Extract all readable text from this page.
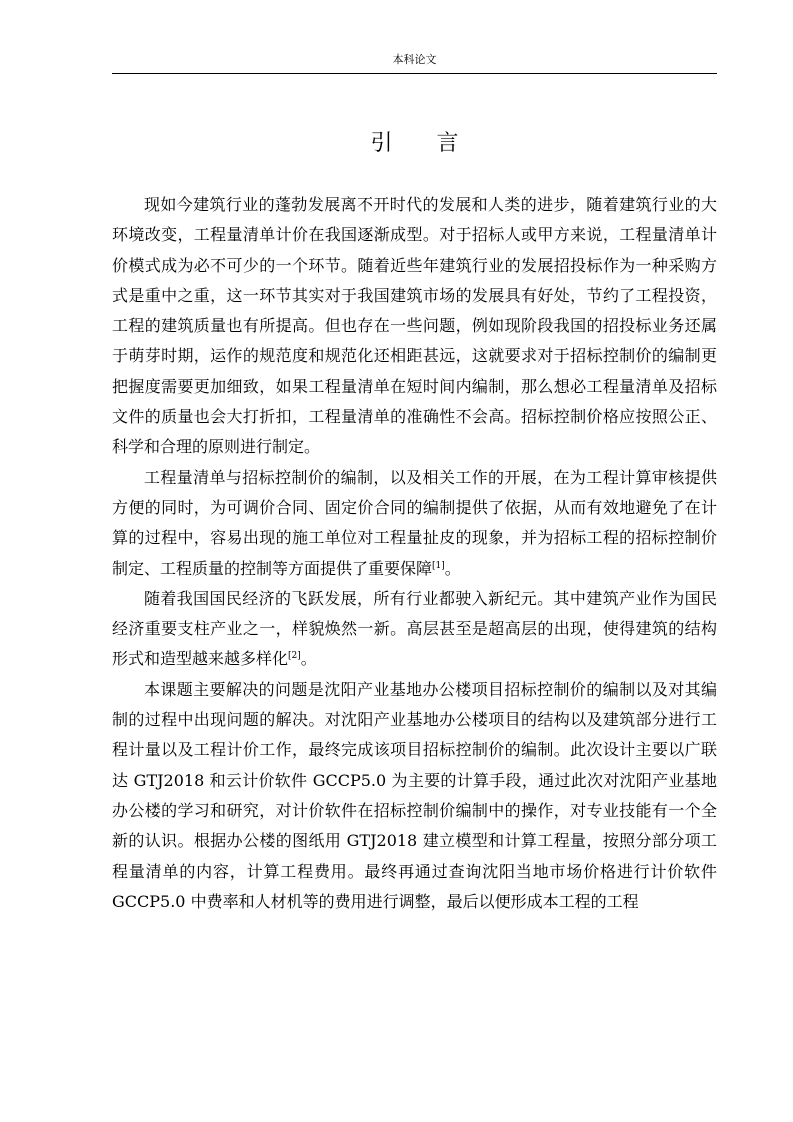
本科论文
引 言

现如今建筑行业的蓬勃发展离不开时代的发展和人类的进步，随着建筑行业的大环境改变，工程量清单计价在我国逐渐成型。对于招标人或甲方来说，工程量清单计价模式成为必不可少的一个环节。随着近些年建筑行业的发展招投标作为一种采购方式是重中之重，这一环节其实对于我国建筑市场的发展具有好处，节约了工程投资，工程的建筑质量也有所提高。但也存在一些问题，例如现阶段我国的招投标业务还属于萌芽时期，运作的规范度和规范化还相距甚远，这就要求对于招标控制价的编制更把握度需要更加细致，如果工程量清单在短时间内编制，那么想必工程量清单及招标文件的质量也会大打折扣，工程量清单的准确性不会高。招标控制价格应按照公正、科学和合理的原则进行制定。

工程量清单与招标控制价的编制，以及相关工作的开展，在为工程计算审核提供方便的同时，为可调价合同、固定价合同的编制提供了依据，从而有效地避免了在计算的过程中，容易出现的施工单位对工程量扯皮的现象，并为招标工程的招标控制价制定、工程质量的控制等方面提供了重要保障[1]。

随着我国国民经济的飞跃发展，所有行业都驶入新纪元。其中建筑产业作为国民经济重要支柱产业之一，样貌焕然一新。高层甚至是超高层的出现，使得建筑的结构形式和造型越来越多样化[2]。

本课题主要解决的问题是沈阳产业基地办公楼项目招标控制价的编制以及对其编制的过程中出现问题的解决。对沈阳产业基地办公楼项目的结构以及建筑部分进行工程计量以及工程计价工作，最终完成该项目招标控制价的编制。此次设计主要以广联达 GTJ2018 和云计价软件 GCCP5.0 为主要的计算手段，通过此次对沈阳产业基地办公楼的学习和研究，对计价软件在招标控制价编制中的操作，对专业技能有一个全新的认识。根据办公楼的图纸用 GTJ2018 建立模型和计算工程量，按照分部分项工程量清单的内容，计算工程费用。最终再通过查询沈阳当地市场价格进行计价软件 GCCP5.0 中费率和人材机等的费用进行调整，最后以便形成本工程的工程
